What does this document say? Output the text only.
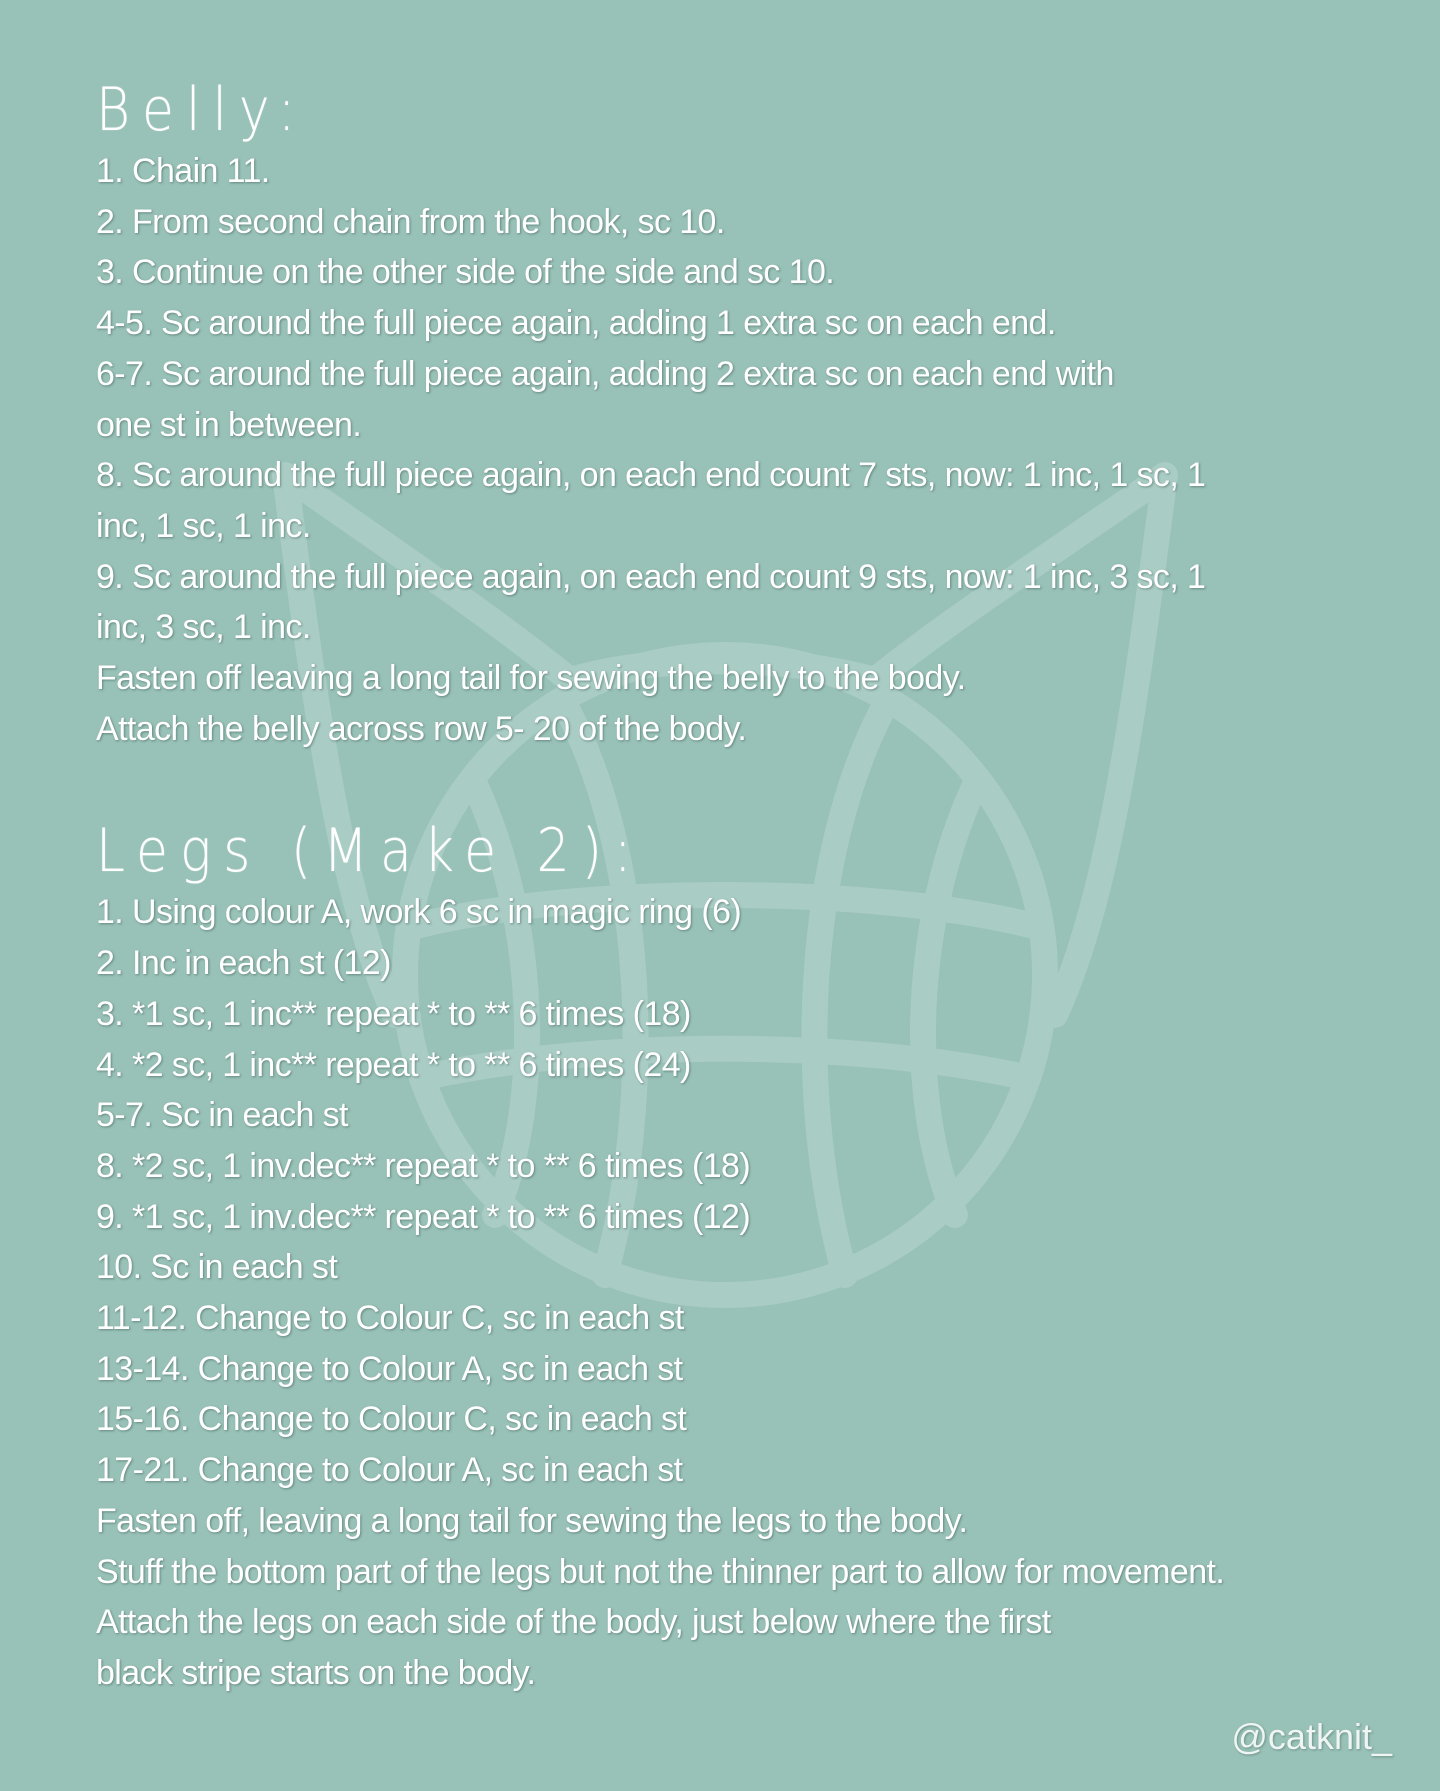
Belly:
1. Chain 11.
2. From second chain from the hook, sc 10.
3. Continue on the other side of the side and sc 10.
4-5. Sc around the full piece again, adding 1 extra sc on each end.
6-7. Sc around the full piece again, adding 2 extra sc on each end with
one st in between.
8. Sc around the full piece again, on each end count 7 sts, now: 1 inc, 1 sc, 1
inc, 1 sc, 1 inc.
9. Sc around the full piece again, on each end count 9 sts, now: 1 inc, 3 sc, 1
inc, 3 sc, 1 inc.
Fasten off leaving a long tail for sewing the belly to the body.
Attach the belly across row 5- 20 of the body.
Legs (Make 2):
1. Using colour A, work 6 sc in magic ring (6)
2. Inc in each st (12)
3. *1 sc, 1 inc** repeat * to ** 6 times (18)
4. *2 sc, 1 inc** repeat * to ** 6 times (24)
5-7. Sc in each st
8. *2 sc, 1 inv.dec** repeat * to ** 6 times (18)
9. *1 sc, 1 inv.dec** repeat * to ** 6 times (12)
10. Sc in each st
11-12. Change to Colour C, sc in each st
13-14. Change to Colour A, sc in each st
15-16. Change to Colour C, sc in each st
17-21. Change to Colour A, sc in each st
Fasten off, leaving a long tail for sewing the legs to the body.
Stuff the bottom part of the legs but not the thinner part to allow for movement.
Attach the legs on each side of the body, just below where the first
black stripe starts on the body.
@catknit_
